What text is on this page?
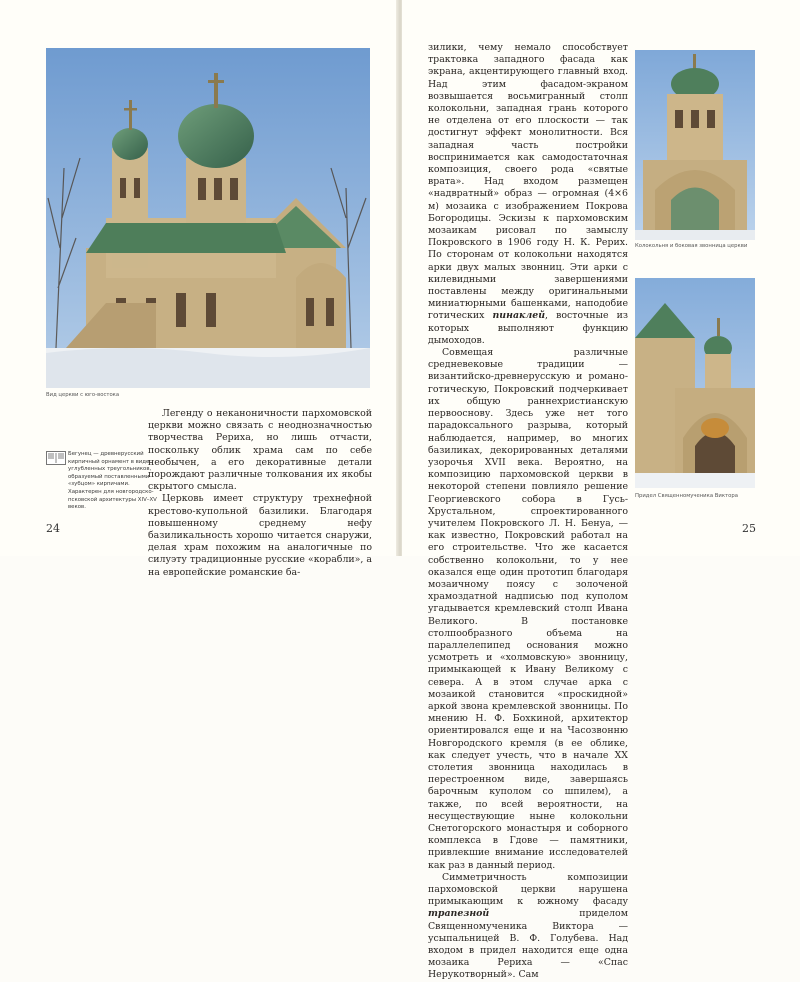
Вид церкви с юго-востока

Легенду о неканоничности пархомовской церкви можно связать с неоднозначностью творчества Рериха, но лишь отчасти, поскольку облик храма сам по себе необычен, а его декоративные детали порождают различные толкования их якобы скрытого смысла.

Церковь имеет структуру трехнефной крестово-купольной базилики. Благодаря повышенному среднему нефу базиликальность хорошо читается снаружи, делая храм похожим на аналогичные по силуэту традиционные русские «корабли», а на европейские романские ба-

Бегунец — древнерусский кирпичный орнамент в виде углубленных треугольников, образуемый поставленными «зубцом» кирпичами. Характерен для новгородско-псковской архитектуры XIV–XV веков.
24

зилики, чему немало способствует трактовка западного фасада как экрана, акцентирующего главный вход. Над этим фасадом-экраном возвышается восьмигранный столп колокольни, западная грань которого не отделена от его плоскости — так достигнут эффект монолитности. Вся западная часть постройки воспринимается как самодостаточная композиция, своего рода «святые врата». Над входом размещен «надвратный» образ — огромная (4×6 м) мозаика с изображением Покрова Богородицы. Эскизы к пархомовским мозаикам рисовал по замыслу Покровского в 1906 году Н. К. Рерих. По сторонам от колокольни находятся арки двух малых звонниц. Эти арки с килевидными завершениями поставлены между оригинальными миниатюрными башенками, наподобие готических пинаклей, восточные из которых выполняют функцию дымоходов.

Совмещая различные средневековые традиции — византийско-древнерусскую и романо-готическую, Покровский подчеркивает их общую раннехристианскую первооснову. Здесь уже нет того парадоксального разрыва, который наблюдается, например, во многих базиликах, декорированных деталями узорочья XVII века. Вероятно, на композицию пархомовской церкви в некоторой степени повлияло решение Георгиевского собора в Гусь-Хрустальном, спроектированного учителем Покровского Л. Н. Бенуа, — как известно, Покровский работал на его строительстве. Что же касается собственно колокольни, то у нее оказался еще один прототип благодаря мозаичному поясу с золоченой храмоздатной надписью под куполом угадывается кремлевский столп Ивана Великого. В постановке столпообразного объема на параллелепипед основания можно усмотреть и «холмовскую» звонницу, примыкающей к Ивану Великому с севера. А в этом случае арка с мозаикой становится «проскидной» аркой звона кремлевской звонницы. По мнению Н. Ф. Бохкиной, архитектор ориентировался еще и на Часозвонню Новгородского кремля (в ее облике, как следует учесть, что в начале XX столетия звонница находилась в перестроенном виде, завершаясь барочным куполом со шпилем), а также, по всей вероятности, на несуществующие ныне колокольни Снетогорского монастыря и соборного комплекса в Гдове — памятники, привлекшие внимание исследователей как раз в данный период.

Симметричность композиции пархомовской церкви нарушена примыкающим к южному фасаду трапезной приделом Священномученика Виктора — усыпальницей В. Ф. Голубева. Над входом в придел находится еще одна мозаика Рериха — «Спас Нерукотворный». Сам

Колокольня и боковая звонница церкви
Придел Священномученика Виктора
25
